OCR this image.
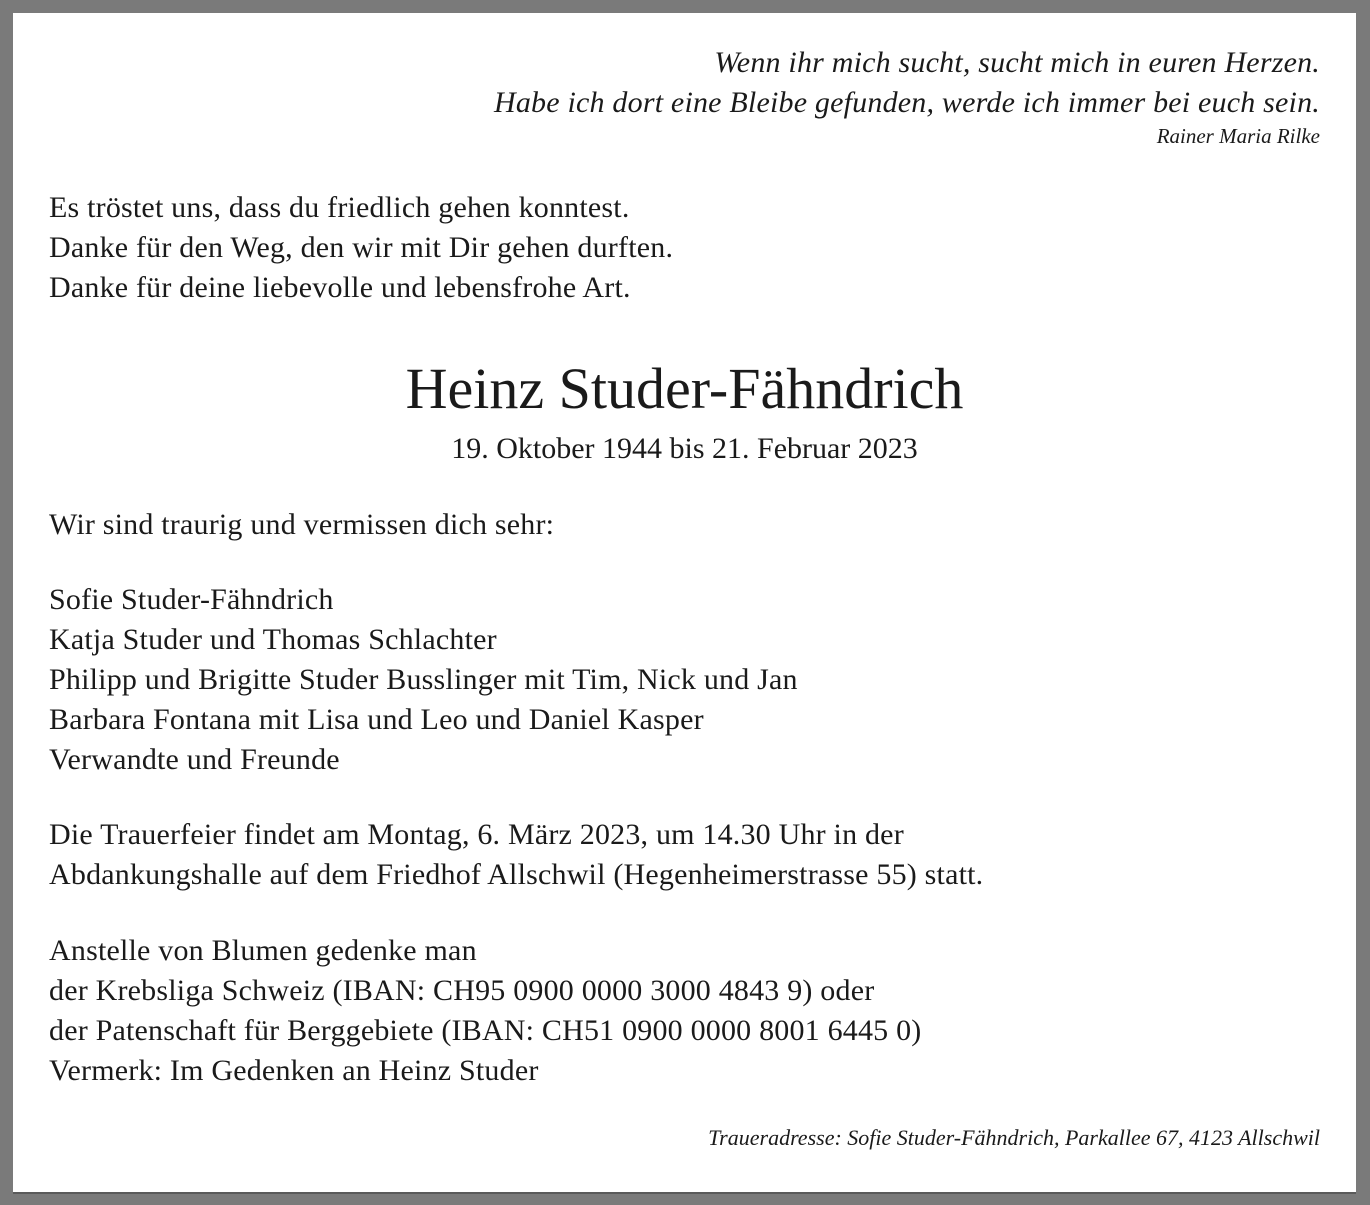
Wenn ihr mich sucht, sucht mich in euren Herzen.
Habe ich dort eine Bleibe gefunden, werde ich immer bei euch sein.
Rainer Maria Rilke
Es tröstet uns, dass du friedlich gehen konntest.
Danke für den Weg, den wir mit Dir gehen durften.
Danke für deine liebevolle und lebensfrohe Art.
Heinz Studer-Fähndrich
19. Oktober 1944 bis 21. Februar 2023
Wir sind traurig und vermissen dich sehr:
Sofie Studer-Fähndrich
Katja Studer und Thomas Schlachter
Philipp und Brigitte Studer Busslinger mit Tim, Nick und Jan
Barbara Fontana mit Lisa und Leo und Daniel Kasper
Verwandte und Freunde
Die Trauerfeier findet am Montag, 6. März 2023, um 14.30 Uhr in der
Abdankungshalle auf dem Friedhof Allschwil (Hegenheimerstrasse 55) statt.
Anstelle von Blumen gedenke man
der Krebsliga Schweiz (IBAN: CH95 0900 0000 3000 4843 9) oder
der Patenschaft für Berggebiete (IBAN: CH51 0900 0000 8001 6445 0)
Vermerk: Im Gedenken an Heinz Studer
Traueradresse: Sofie Studer-Fähndrich, Parkallee 67, 4123 Allschwil
